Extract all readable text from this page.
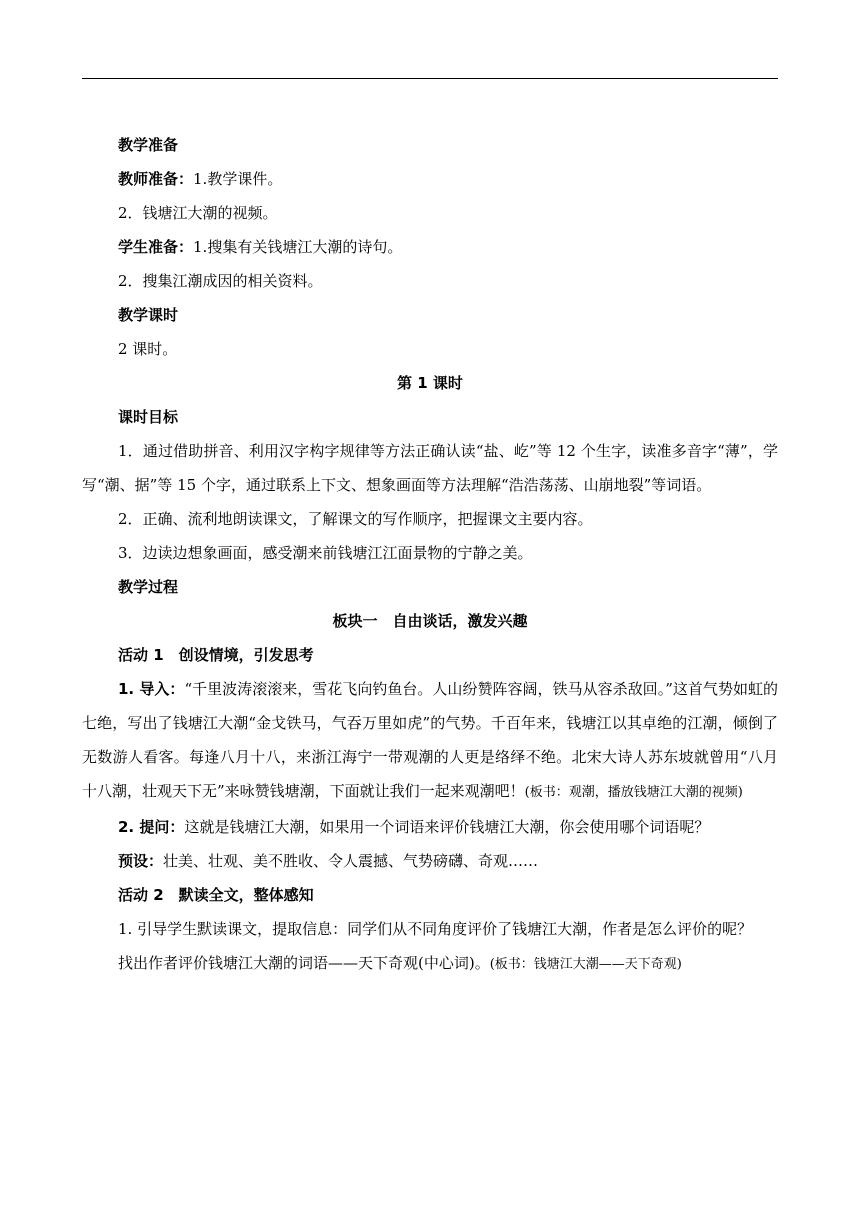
教学准备

教师准备：1.教学课件。

2．钱塘江大潮的视频。

学生准备：1.搜集有关钱塘江大潮的诗句。

2．搜集江潮成因的相关资料。

教学课时

2 课时。

第 1 课时

课时目标

1．通过借助拼音、利用汉字构字规律等方法正确认读“盐、屹”等 12 个生字，读准多音字“薄”，学写“潮、据”等 15 个字，通过联系上下文、想象画面等方法理解“浩浩荡荡、山崩地裂”等词语。

2．正确、流利地朗读课文，了解课文的写作顺序，把握课文主要内容。

3．边读边想象画面，感受潮来前钱塘江江面景物的宁静之美。

教学过程

板块一　自由谈话，激发兴趣

活动 1　创设情境，引发思考

1. 导入：“千里波涛滚滚来，雪花飞向钓鱼台。人山纷赞阵容阔，铁马从容杀敌回。”这首气势如虹的七绝，写出了钱塘江大潮“金戈铁马，气吞万里如虎”的气势。千百年来，钱塘江以其卓绝的江潮，倾倒了无数游人看客。每逢八月十八，来浙江海宁一带观潮的人更是络绎不绝。北宋大诗人苏东坡就曾用“八月十八潮，壮观天下无”来咏赞钱塘潮，下面就让我们一起来观潮吧！(板书：观潮，播放钱塘江大潮的视频)

2. 提问：这就是钱塘江大潮，如果用一个词语来评价钱塘江大潮，你会使用哪个词语呢？

预设：壮美、壮观、美不胜收、令人震撼、气势磅礴、奇观……

活动 2　默读全文，整体感知

1. 引导学生默读课文，提取信息：同学们从不同角度评价了钱塘江大潮，作者是怎么评价的呢？

找出作者评价钱塘江大潮的词语——天下奇观(中心词)。(板书：钱塘江大潮——天下奇观)
